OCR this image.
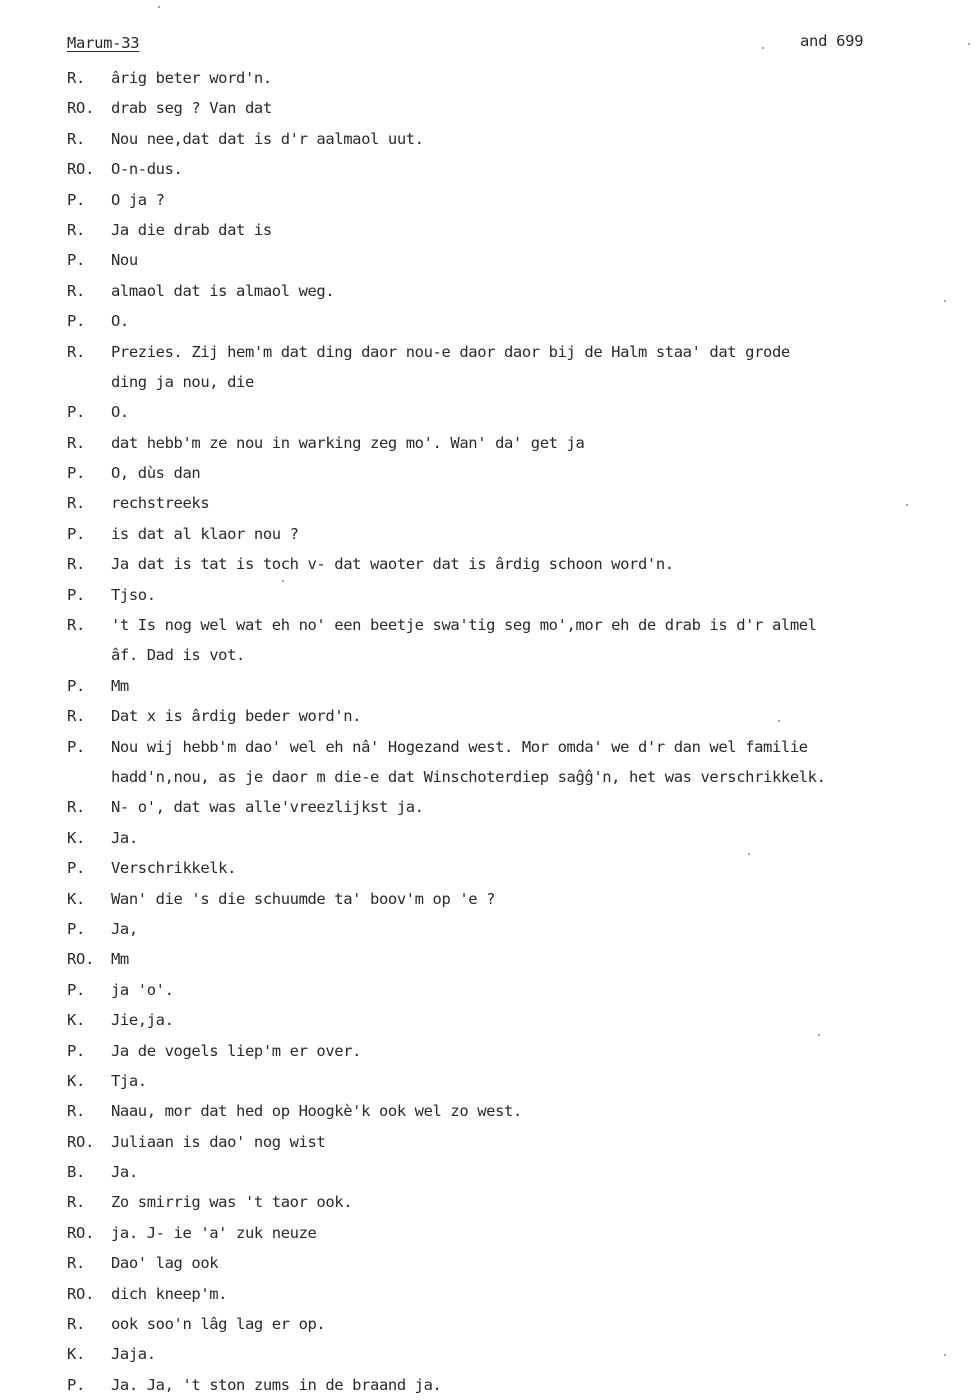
Marum-33	and 699
R.	ârig beter word'n.
RO.	drab seg ? Van dat
R.	Nou nee,dat dat is d'r aalmaol uut.
RO.	O-n-dus.
P.	O ja ?
R.	Ja die drab dat is
P.	Nou
R.	almaol dat is almaol weg.
P.	O.
R.	Prezies. Zij hem'm dat ding daor nou-e daor daor bij de Halm staa' dat grode
ding ja nou, die
P.	O.
R.	dat hebb'm ze nou in warking zeg mo'. Wan' da' get ja
P.	O, dùs dan
R.	rechstreeks
P.	is dat al klaor nou ?
R.	Ja dat is tat is toch v- dat waoter dat is ârdig schoon word'n.
P.	Tjso.
R.	't Is nog wel wat eh no' een beetje swa'tig seg mo',mor eh de drab is d'r almel
âf. Dad is vot.
P.	Mm
R.	Dat x is ârdig beder word'n.
P.	Nou wij hebb'm dao' wel eh nâ' Hogezand west. Mor omda' we d'r dan wel familie
hadd'n,nou, as je daor m die-e dat Winschoterdiep saĝĝ'n, het was verschrikkelk.
R.	N- o', dat was alle'vreezlijkst ja.
K.	Ja.
P.	Verschrikkelk.
K.	Wan' die 's die schuumde ta' boov'm op 'e ?
P.	Ja,
RO.	Mm
P.	ja 'o'.
K.	Jie,ja.
P.	Ja de vogels liep'm er over.
K.	Tja.
R.	Naau, mor dat hed op Hoogkè'k ook wel zo west.
RO.	Juliaan is dao' nog wist
B.	Ja.
R.	Zo smirrig was 't taor ook.
RO.	ja. J- ie 'a' zuk neuze
R.	Dao' lag ook
RO.	dich kneep'm.
R.	ook soo'n lâg lag er op.
K.	Jaja.
P.	Ja. Ja, 't ston zums in de braand ja.
